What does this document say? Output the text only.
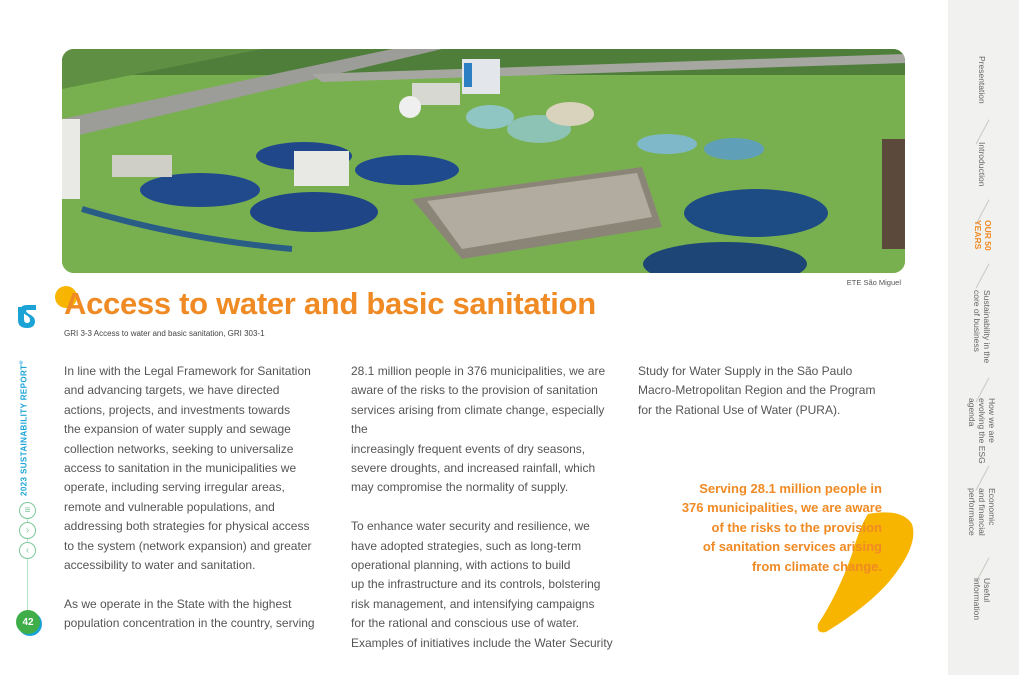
2023 SUSTAINABILITY REPORT®
≡
›
‹
42
ETE São Miguel
Access to water and basic sanitation
GRI 3-3 Access to water and basic sanitation, GRI 303-1

In line with the Legal Framework for Sanitation
and advancing targets, we have directed
actions, projects, and investments towards
the expansion of water supply and sewage
collection networks, seeking to universalize
access to sanitation in the municipalities we
operate, including serving irregular areas,
remote and vulnerable populations, and
addressing both strategies for physical access
to the system (network expansion) and greater
accessibility to water and sanitation.

As we operate in the State with the highest
population concentration in the country, serving

28.1 million people in 376 municipalities, we are
aware of the risks to the provision of sanitation
services arising from climate change, especially the
increasingly frequent events of dry seasons,
severe droughts, and increased rainfall, which
may compromise the normality of supply.

To enhance water security and resilience, we
have adopted strategies, such as long-term
operational planning, with actions to build
up the infrastructure and its controls, bolstering
risk management, and intensifying campaigns
for the rational and conscious use of water.
Examples of initiatives include the Water Security

Study for Water Supply in the São Paulo
Macro-Metropolitan Region and the Program
for the Rational Use of Water (PURA).

Serving 28.1 million people in
376 municipalities, we are aware
of the risks to the provision
of sanitation services arising
from climate change.
Presentation
Introduction
OUR 50
YEARS
Sustainability in the
core of business
How we are
evolving the ESG
agenda
Economic
and financial
performance
Useful
information
